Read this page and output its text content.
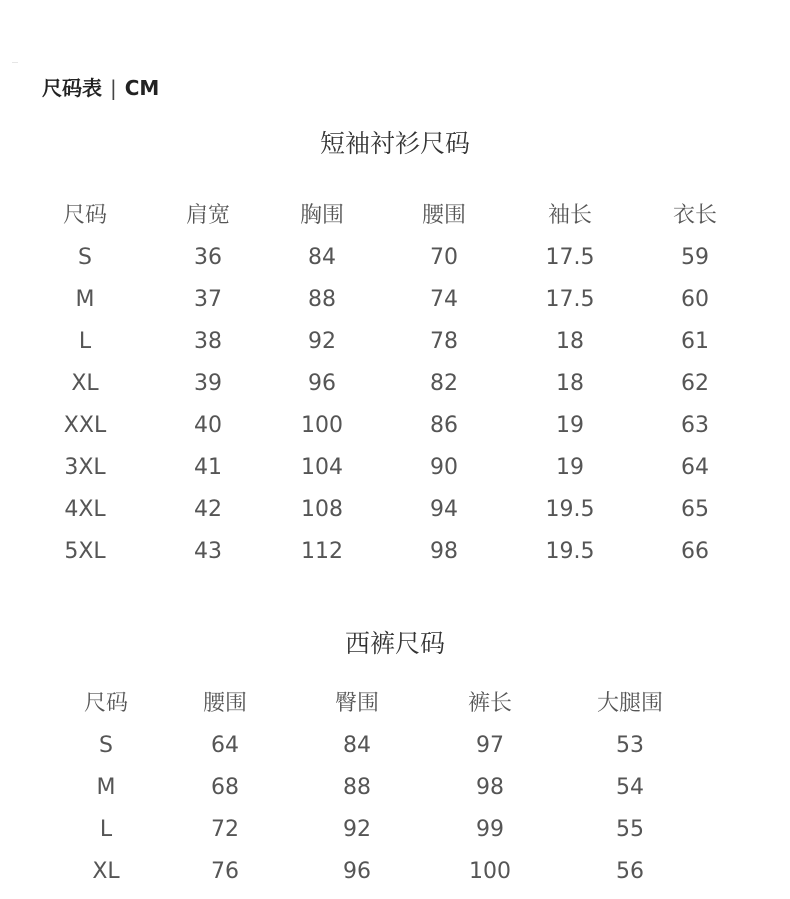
…
尺码表 | CM
短袖衬衫尺码
尺码	肩宽	胸围	腰围	袖长	衣长
S	36	84	70	17.5	59
M	37	88	74	17.5	60
L	38	92	78	18	61
XL	39	96	82	18	62
XXL	40	100	86	19	63
3XL	41	104	90	19	64
4XL	42	108	94	19.5	65
5XL	43	112	98	19.5	66
西裤尺码
尺码	腰围	臀围	裤长	大腿围
S	64	84	97	53
M	68	88	98	54
L	72	92	99	55
XL	76	96	100	56
